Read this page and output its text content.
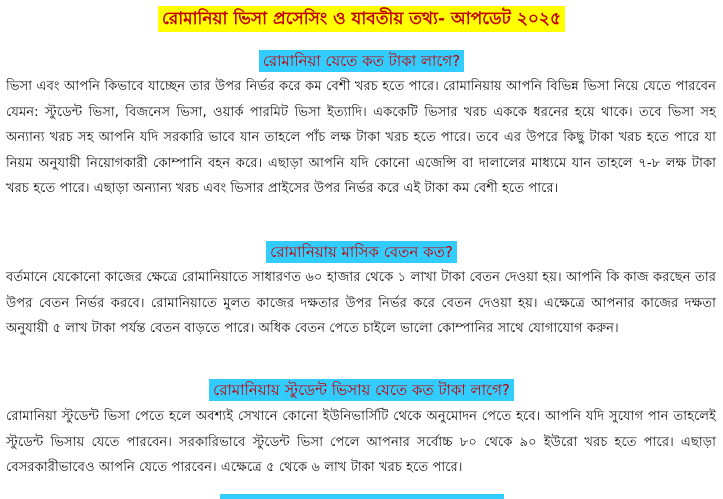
রোমানিয়া ভিসা প্রসেসিং ও যাবতীয় তথ্য- আপডেট ২০২৫
রোমানিয়া যেতে কত টাকা লাগে?

ভিসা এবং আপনি কিভাবে যাচ্ছেন তার উপর নির্ভর করে কম বেশী খরচ হতে পারে। রোমানিয়ায় আপনি বিভিন্ন ভিসা নিয়ে যেতে পারবেন যেমন: স্টুডেন্ট ভিসা, বিজনেস ভিসা, ওয়ার্ক পারমিট ভিসা ইত্যাদি। এককেটি ভিসার খরচ এককে ধরনের হয়ে থাকে। তবে ভিসা সহ অন্যান্য খরচ সহ আপনি যদি সরকারি ভাবে যান তাহলে পাঁচ লক্ষ টাকা খরচ হতে পারে। তবে এর উপরে কিছু টাকা খরচ হতে পারে যা নিয়ম অনুযায়ী নিয়োগকারী কোম্পানি বহন করে। এছাড়া আপনি যদি কোনো এজেন্সি বা দালালের মাধ্যমে যান তাহলে ৭-৮ লক্ষ টাকা খরচ হতে পারে। এছাড়া অন্যান্য খরচ এবং ভিসার প্রাইসের উপর নির্ভর করে এই টাকা কম বেশী হতে পারে।

রোমানিয়ায় মাসিক বেতন কত?

বর্তমানে যেকোনো কাজের ক্ষেত্রে রোমানিয়াতে সাধারণত ৬০ হাজার থেকে ১ লাখা টাকা বেতন দেওয়া হয়। আপনি কি কাজ করছেন তার উপর বেতন নির্ভর করবে। রোমানিয়াতে মুলত কাজের দক্ষতার উপর নির্ভর করে বেতন দেওয়া হয়। এক্ষেত্রে আপনার কাজের দক্ষতা অনুযায়ী ৫ লাখ টাকা পর্যন্ত বেতন বাড়তে পারে। অধিক বেতন পেতে চাইলে ভালো কোম্পানির সাথে যোগাযোগ করুন।

রোমানিয়ায় স্টুডেন্ট ভিসায় যেতে কত টাকা লাগে?

রোমানিয়া স্টুডেন্ট ভিসা পেতে হলে অবশ্যই সেখানে কোনো ইউনিভার্সিটি থেকে অনুমোদন পেতে হবে। আপনি যদি সুযোগ পান তাহলেই স্টুডেন্ট ভিসায় যেতে পারবেন। সরকারিভাবে স্টুডেন্ট ভিসা পেলে আপনার সর্বোচ্চ ৮০ থেকে ৯০ ইউরো খরচ হতে পারে। এছাড়া বেসরকারীভাবেও আপনি যেতে পারবেন। এক্ষেত্রে ৫ থেকে ৬ লাখ টাকা খরচ হতে পারে।
